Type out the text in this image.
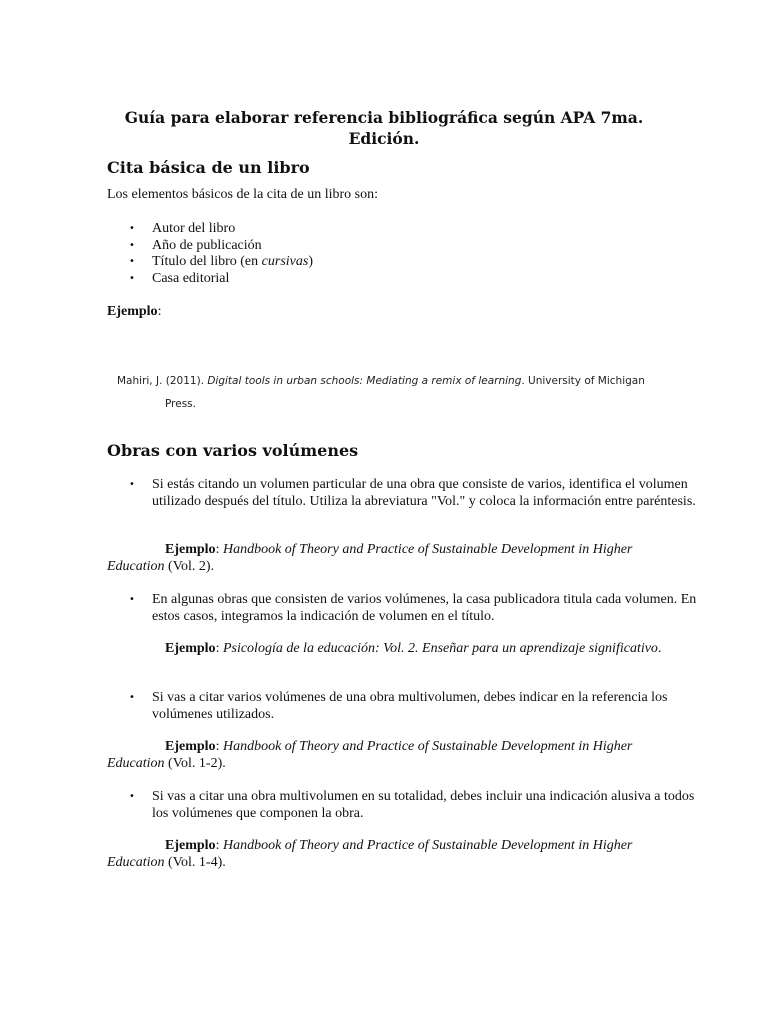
Guía para elaborar referencia bibliográfica según APA 7ma.
Edición.
Cita básica de un libro

Los elementos básicos de la cita de un libro son:

• Autor del libro
• Año de publicación
• Título del libro (en cursivas)
• Casa editorial

Ejemplo:

Mahiri, J. (2011). Digital tools in urban schools: Mediating a remix of learning. University of Michigan
Press.

Obras con varios volúmenes

• Si estás citando un volumen particular de una obra que consiste de varios, identifica el volumen utilizado después del título. Utiliza la abreviatura "Vol." y coloca la información entre paréntesis.

Ejemplo: Handbook of Theory and Practice of Sustainable Development in Higher Education (Vol. 2).

• En algunas obras que consisten de varios volúmenes, la casa publicadora titula cada volumen. En estos casos, integramos la indicación de volumen en el título.

Ejemplo: Psicología de la educación: Vol. 2. Enseñar para un aprendizaje significativo.

• Si vas a citar varios volúmenes de una obra multivolumen, debes indicar en la referencia los volúmenes utilizados.

Ejemplo: Handbook of Theory and Practice of Sustainable Development in Higher Education (Vol. 1-2).

• Si vas a citar una obra multivolumen en su totalidad, debes incluir una indicación alusiva a todos los volúmenes que componen la obra.

Ejemplo: Handbook of Theory and Practice of Sustainable Development in Higher Education (Vol. 1-4).
